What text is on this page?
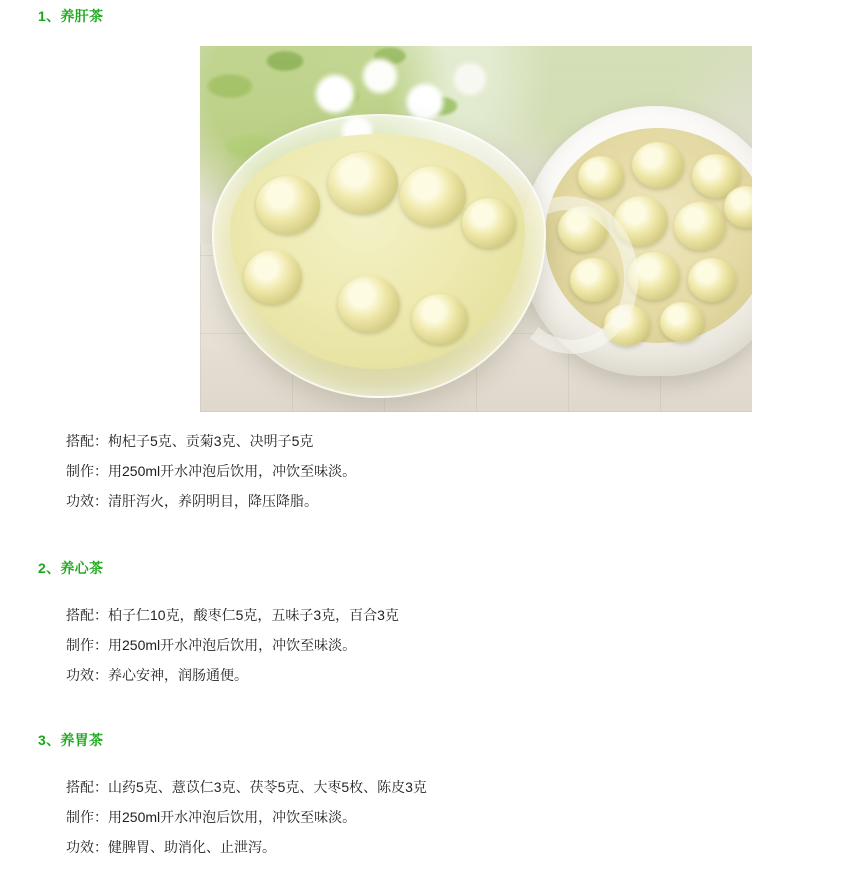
1、养肝茶
搭配：枸杞子5克、贡菊3克、决明子5克
制作：用250ml开水冲泡后饮用，冲饮至味淡。
功效：清肝泻火，养阴明目，降压降脂。
2、养心茶
搭配：柏子仁10克，酸枣仁5克，五味子3克，百合3克
制作：用250ml开水冲泡后饮用，冲饮至味淡。
功效：养心安神，润肠通便。
3、养胃茶
搭配：山药5克、薏苡仁3克、茯苓5克、大枣5枚、陈皮3克
制作：用250ml开水冲泡后饮用，冲饮至味淡。
功效：健脾胃、助消化、止泄泻。
